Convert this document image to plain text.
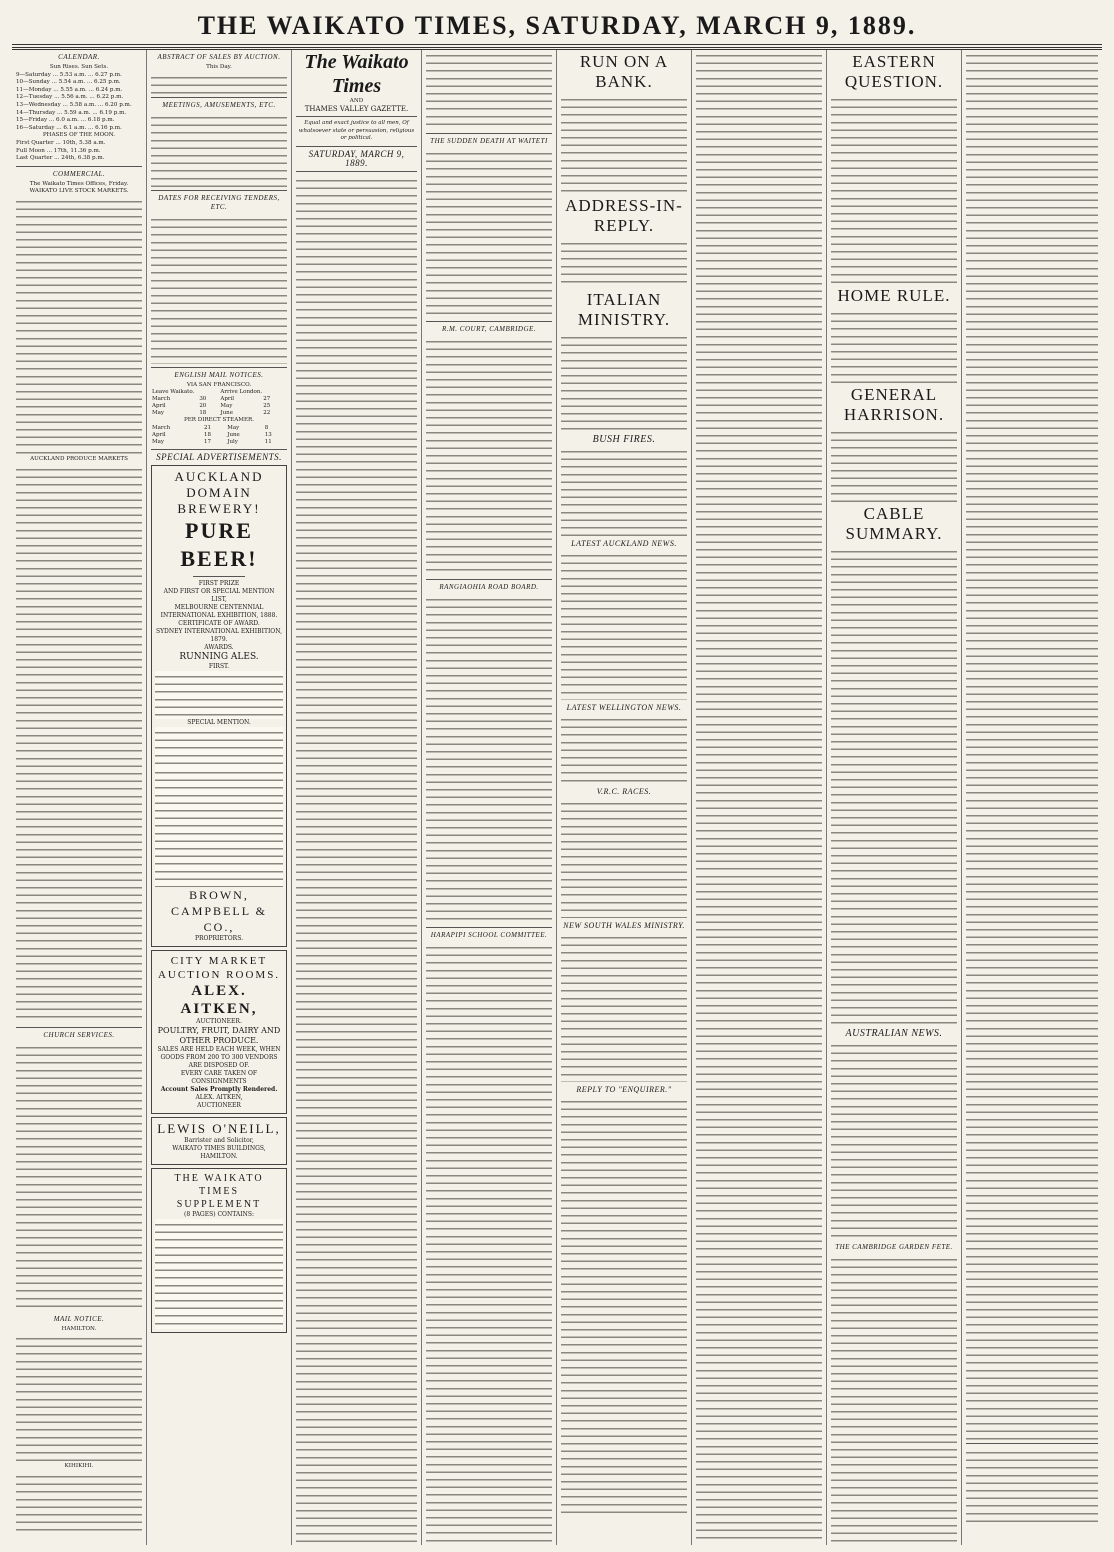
THE WAIKATO TIMES, SATURDAY, MARCH 9, 1889.
CALENDAR.
Sun Rises. Sun Sets.
9—Saturday ... 5.53 a.m. ... 6.27 p.m.
10—Sunday ... 5.54 a.m. ... 6.25 p.m.
11—Monday ... 5.55 a.m. ... 6.24 p.m.
12—Tuesday ... 5.56 a.m. ... 6.22 p.m.
13—Wednesday ... 5.58 a.m. ... 6.20 p.m.
14—Thursday ... 5.59 a.m. ... 6.19 p.m.
15—Friday ... 6.0 a.m. ... 6.18 p.m.
16—Saturday ... 6.1 a.m. ... 6.16 p.m.
PHASES OF THE MOON.
First Quarter ... 10th, 5.38 a.m.
Full Moon ... 17th, 11.36 p.m.
Last Quarter ... 24th, 6.38 p.m.
COMMERCIAL.
The Waikato Times Offices, Friday.
WAIKATO LIVE STOCK MARKETS.
AUCKLAND PRODUCE MARKETS
CHURCH SERVICES.
MAIL NOTICE.
HAMILTON.
KIHIKIHI.
ABSTRACT OF SALES BY AUCTION.
This Day.
MEETINGS, AMUSEMENTS, ETC.
DATES FOR RECEIVING TENDERS, ETC.
ENGLISH MAIL NOTICES.
VIA SAN FRANCISCO.
Leave Waikato.		Arrive London.	
March	30	April	27
April	20	May	25
May	18	June	22
PER DIRECT STEAMER.
March	21	May	8
April	18	June	13
May	17	July	11
SPECIAL ADVERTISEMENTS.
AUCKLAND DOMAIN
BREWERY!
PURE BEER!
FIRST PRIZE
AND FIRST OR SPECIAL MENTION LIST,
MELBOURNE CENTENNIAL INTERNATIONAL EXHIBITION, 1888.
CERTIFICATE OF AWARD.
SYDNEY INTERNATIONAL EXHIBITION, 1879.
AWARDS.
RUNNING ALES.
FIRST.
SPECIAL MENTION.
BROWN, CAMPBELL & CO.,
PROPRIETORS.
CITY MARKET AUCTION ROOMS.
ALEX. AITKEN,
AUCTIONEER.
POULTRY, FRUIT, DAIRY AND OTHER PRODUCE.
SALES ARE HELD EACH WEEK, WHEN GOODS FROM 200 TO 300 VENDORS ARE DISPOSED OF.
EVERY CARE TAKEN OF CONSIGNMENTS
Account Sales Promptly Rendered.
ALEX. AITKEN,
AUCTIONEER
LEWIS O'NEILL,
Barrister and Solicitor,
WAIKATO TIMES BUILDINGS, HAMILTON.
THE WAIKATO TIMES SUPPLEMENT
(8 PAGES) CONTAINS:
The Waikato Times
AND
THAMES VALLEY GAZETTE.
Equal and exact justice to all men, Of whatsoever state or persuasion, religious or political.
SATURDAY, MARCH 9, 1889.
THE SUDDEN DEATH AT WAITETI
R.M. COURT, CAMBRIDGE.
RANGIAOHIA ROAD BOARD.
HARAPIPI SCHOOL COMMITTEE.
RUN ON A BANK.
ADDRESS-IN-REPLY.
ITALIAN MINISTRY.
BUSH FIRES.
LATEST AUCKLAND NEWS.
LATEST WELLINGTON NEWS.
V.R.C. RACES.
NEW SOUTH WALES MINISTRY.
REPLY TO "ENQUIRER."
EASTERN QUESTION.
HOME RULE.
GENERAL HARRISON.
CABLE SUMMARY.
AUSTRALIAN NEWS.
THE CAMBRIDGE GARDEN FETE.
